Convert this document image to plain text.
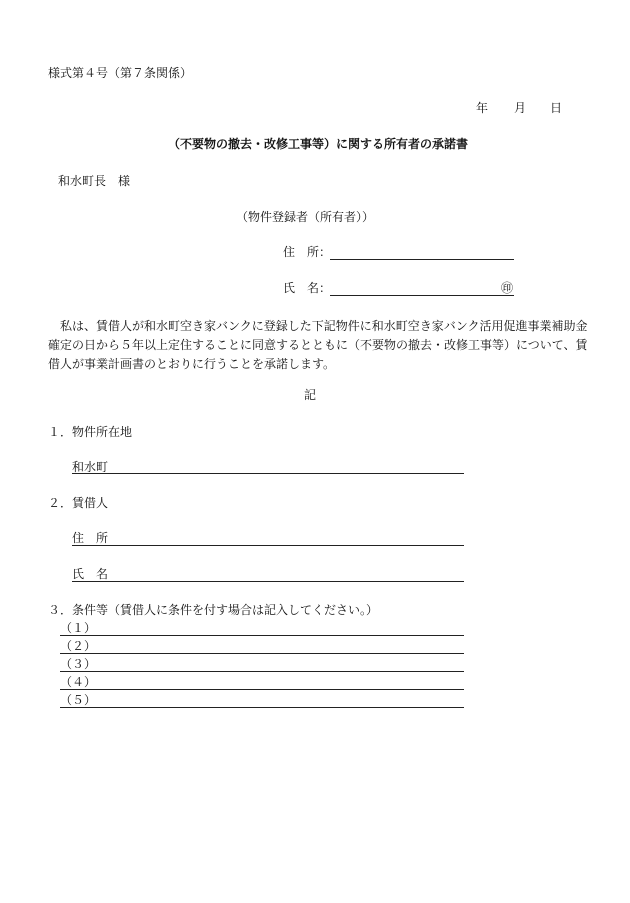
様式第４号（第７条関係）
年 月 日
（不要物の撤去・改修工事等）に関する所有者の承諾書
和水町長　様
（物件登録者（所有者））
住　所：
氏　名：	㊞
私は、賃借人が和水町空き家バンクに登録した下記物件に和水町空き家バンク活用促進事業補助金確定の日から５年以上定住することに同意するとともに（不要物の撤去・改修工事等）について、賃借人が事業計画書のとおりに行うことを承諾します。
記
１．物件所在地
和水町
２．賃借人
住　所
氏　名
３．条件等（賃借人に条件を付す場合は記入してください。）
（１）
（２）
（３）
（４）
（５）
